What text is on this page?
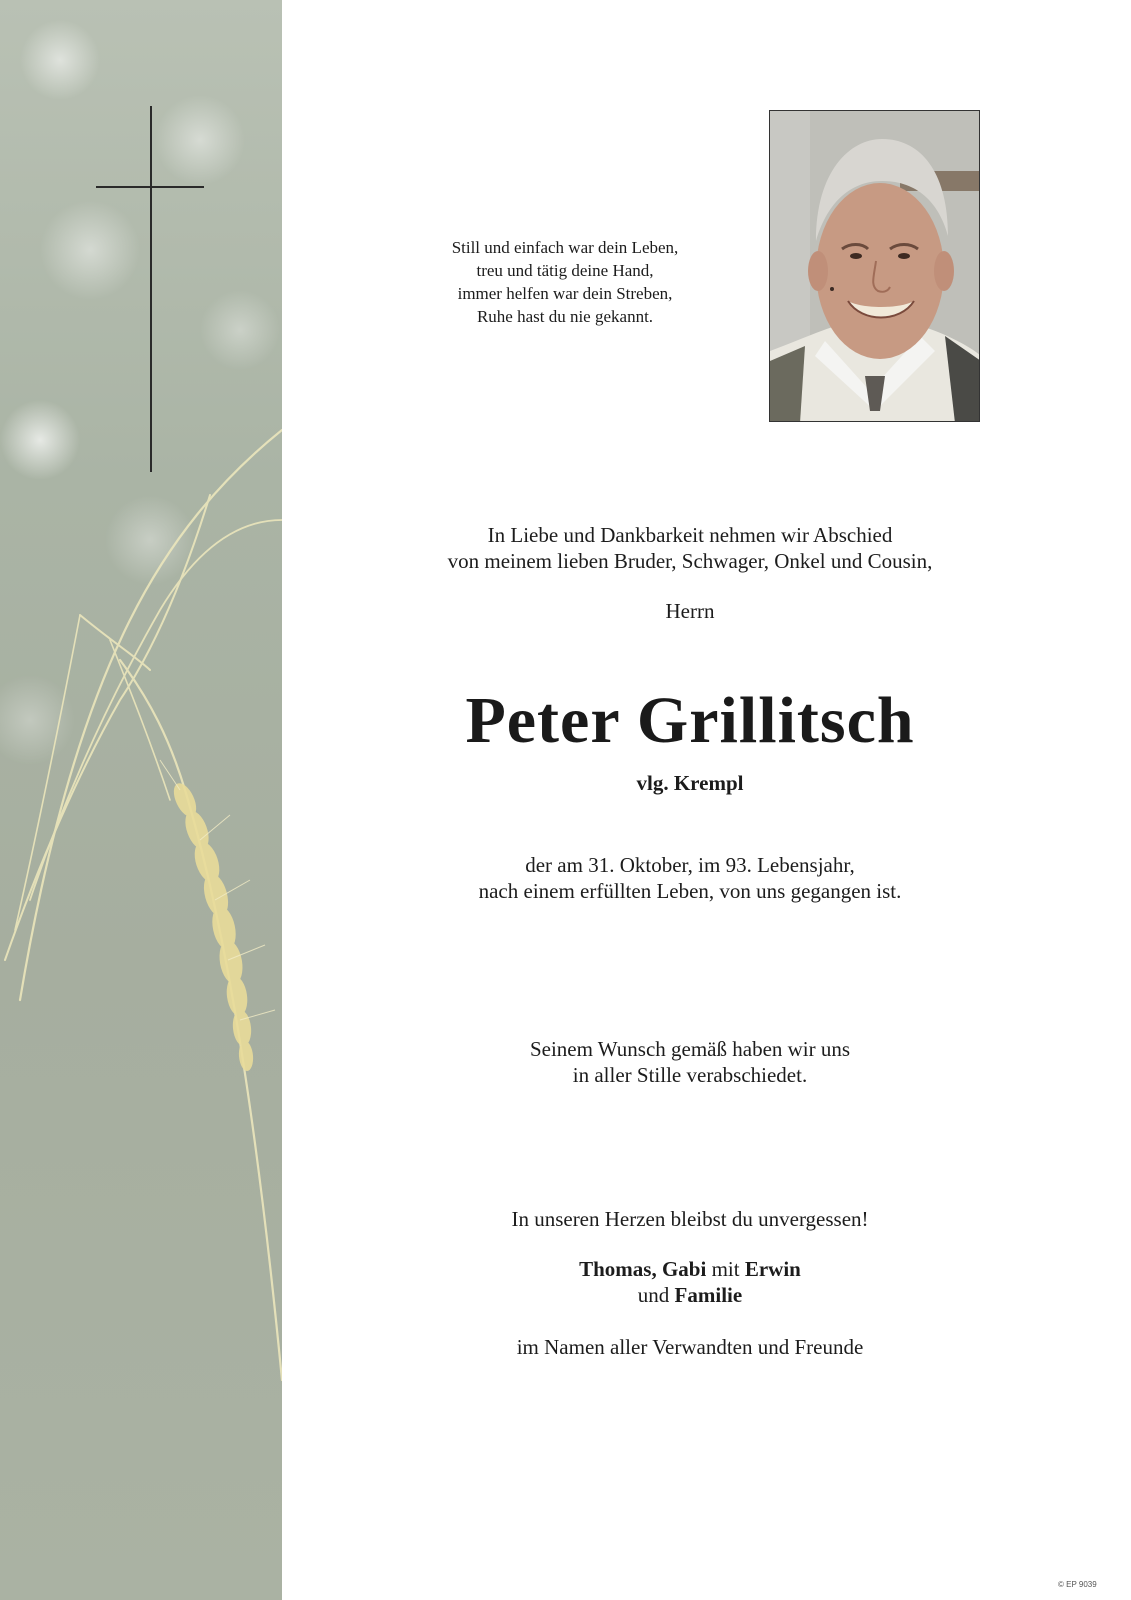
Still und einfach war dein Leben,
treu und tätig deine Hand,
immer helfen war dein Streben,
Ruhe hast du nie gekannt.

In Liebe und Dankbarkeit nehmen wir Abschied
von meinem lieben Bruder, Schwager, Onkel und Cousin,

Herrn

Peter Grillitsch

vlg. Krempl

der am 31. Oktober, im 93. Lebensjahr,
nach einem erfüllten Leben, von uns gegangen ist.

Seinem Wunsch gemäß haben wir uns
in aller Stille verabschiedet.

In unseren Herzen bleibst du unvergessen!

Thomas, Gabi mit Erwin
und Familie

im Namen aller Verwandten und Freunde

© EP 9039
